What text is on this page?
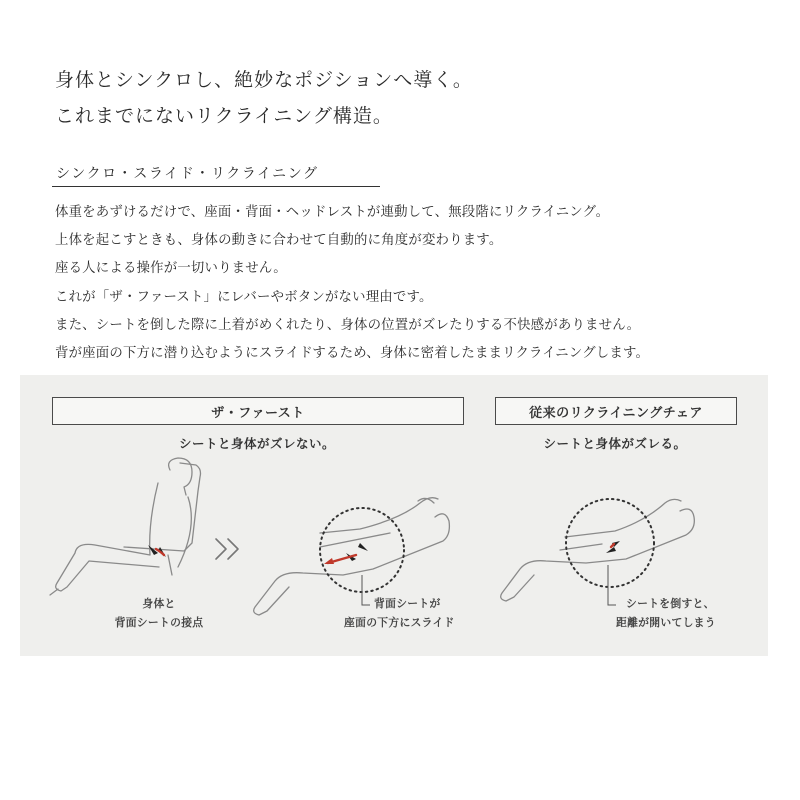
身体とシンクロし、絶妙なポジションへ導く。
これまでにないリクライニング構造。
シンクロ・スライド・リクライニング
体重をあずけるだけで、座面・背面・ヘッドレストが連動して、無段階にリクライニング。
上体を起こすときも、身体の動きに合わせて自動的に角度が変わります。
座る人による操作が一切いりません。
これが「ザ・ファースト」にレバーやボタンがない理由です。
また、シートを倒した際に上着がめくれたり、身体の位置がズレたりする不快感がありません。
背が座面の下方に潜り込むようにスライドするため、身体に密着したままリクライニングします。
ザ・ファースト	従来のリクライニングチェア
シートと身体がズレない。	シートと身体がズレる。
身体と
背面シートの接点
背面シートが
座面の下方にスライド
シートを倒すと、
距離が開いてしまう
